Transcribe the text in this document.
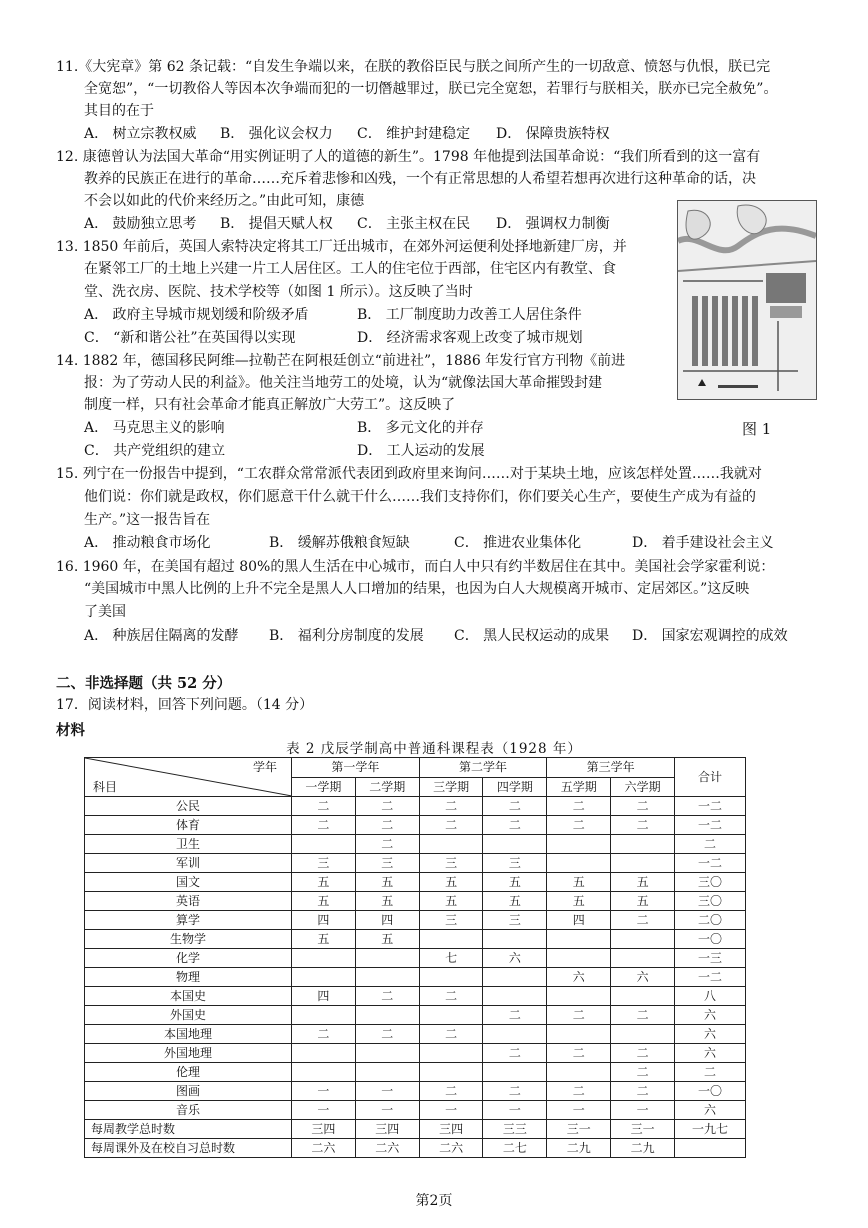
11.《大宪章》第 62 条记载：“自发生争端以来，在朕的教俗臣民与朕之间所产生的一切敌意、愤怒与仇恨，朕已完
全宽恕”，“一切教俗人等因本次争端而犯的一切僭越罪过，朕已完全宽恕，若罪行与朕相关，朕亦已完全赦免”。
其目的在于
A． 树立宗教权威 B． 强化议会权力 C． 维护封建稳定 D． 保障贵族特权
12. 康德曾认为法国大革命“用实例证明了人的道德的新生”。1798 年他提到法国革命说：“我们所看到的这一富有
教养的民族正在进行的革命……充斥着悲惨和凶残，一个有正常思想的人希望若想再次进行这种革命的话，决
不会以如此的代价来经历之。”由此可知，康德
A． 鼓励独立思考 B． 提倡天赋人权 C． 主张主权在民 D． 强调权力制衡
13. 1850 年前后，英国人索特决定将其工厂迁出城市，在郊外河运便利处择地新建厂房，并
在紧邻工厂的土地上兴建一片工人居住区。工人的住宅位于西部，住宅区内有教堂、食
堂、洗衣房、医院、技术学校等（如图 1 所示）。这反映了当时
A． 政府主导城市规划缓和阶级矛盾	B． 工厂制度助力改善工人居住条件
C． “新和谐公社”在英国得以实现	D． 经济需求客观上改变了城市规划
图 1
14. 1882 年，德国移民阿维—拉勒芒在阿根廷创立“前进社”，1886 年发行官方刊物《前进
报：为了劳动人民的利益》。他关注当地劳工的处境，认为“就像法国大革命摧毁封建
制度一样，只有社会革命才能真正解放广大劳工”。这反映了
A． 马克思主义的影响	B． 多元文化的并存
C． 共产党组织的建立	D． 工人运动的发展
15. 列宁在一份报告中提到，“工农群众常常派代表团到政府里来询问……对于某块土地，应该怎样处置……我就对
他们说：你们就是政权，你们愿意干什么就干什么……我们支持你们，你们要关心生产，要使生产成为有益的
生产。”这一报告旨在
A． 推动粮食市场化	B． 缓解苏俄粮食短缺	C． 推进农业集体化	D． 着手建设社会主义
16. 1960 年，在美国有超过 80%的黑人生活在中心城市，而白人中只有约半数居住在其中。美国社会学家霍利说：
“美国城市中黑人比例的上升不完全是黑人人口增加的结果，也因为白人大规模离开城市、定居郊区。”这反映
了美国
A． 种族居住隔离的发酵 B． 福利分房制度的发展 C． 黑人民权运动的成果 D． 国家宏观调控的成效
二、非选择题（共 52 分）
17．阅读材料，回答下列问题。（14 分）
材料
表 2 戊辰学制高中普通科课程表（1928 年）
学年
科目	第一学年		第二学年		第三学年		合计
	一学期	二学期	三学期	四学期	五学期	六学期	
公民	二	二	二	二	二	二	一二
体育	二	二	二	二	二	二	一二
卫生		二					二
军训	三	三	三	三			一二
国文	五	五	五	五	五	五	三〇
英语	五	五	五	五	五	五	三〇
算学	四	四	三	三	四	二	二〇
生物学	五	五					一〇
化学			七	六			一三
物理					六	六	一二
本国史	四	二	二				八
外国史				二	二	二	六
本国地理	二	二	二				六
外国地理				二	二	二	六
伦理						二	二
图画	一	一	二	二	二	二	一〇
音乐	一	一	一	一	一	一	六
每周教学总时数	三四	三四	三四	三三	三一	三一	一九七
每周课外及在校自习总时数	二六	二六	二六	二七	二九	二九	
第2页
